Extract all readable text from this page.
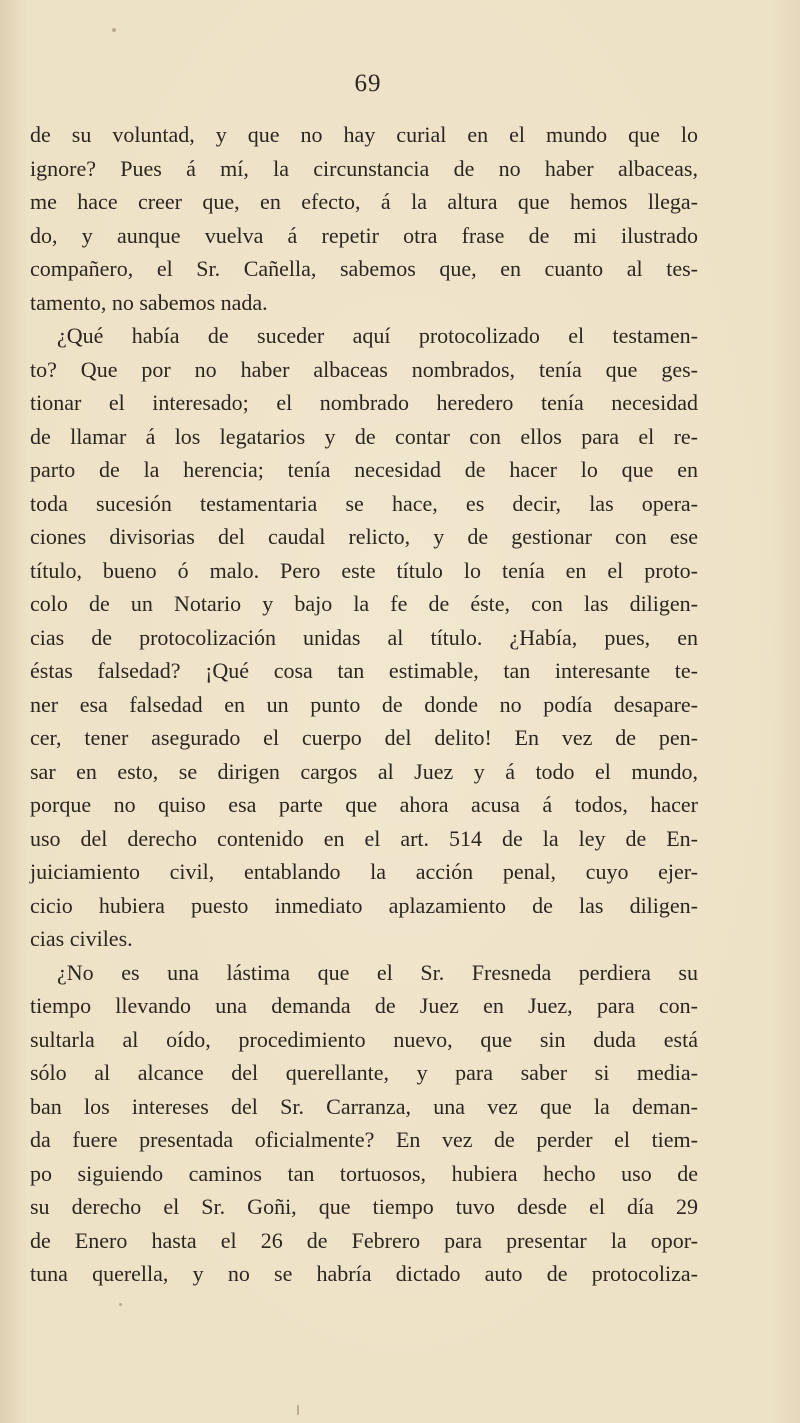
69

de su voluntad, y que no hay curial en el mundo que lo
ignore? Pues á mí, la circunstancia de no haber albaceas,
me hace creer que, en efecto, á la altura que hemos llega-
do, y aunque vuelva á repetir otra frase de mi ilustrado
compañero, el Sr. Cañella, sabemos que, en cuanto al tes-
tamento, no sabemos nada.

¿Qué había de suceder aquí protocolizado el testamen-
to? Que por no haber albaceas nombrados, tenía que ges-
tionar el interesado; el nombrado heredero tenía necesidad
de llamar á los legatarios y de contar con ellos para el re-
parto de la herencia; tenía necesidad de hacer lo que en
toda sucesión testamentaria se hace, es decir, las opera-
ciones divisorias del caudal relicto, y de gestionar con ese
título, bueno ó malo. Pero este título lo tenía en el proto-
colo de un Notario y bajo la fe de éste, con las diligen-
cias de protocolización unidas al título. ¿Había, pues, en
éstas falsedad? ¡Qué cosa tan estimable, tan interesante te-
ner esa falsedad en un punto de donde no podía desapare-
cer, tener asegurado el cuerpo del delito! En vez de pen-
sar en esto, se dirigen cargos al Juez y á todo el mundo,
porque no quiso esa parte que ahora acusa á todos, hacer
uso del derecho contenido en el art. 514 de la ley de En-
juiciamiento civil, entablando la acción penal, cuyo ejer-
cicio hubiera puesto inmediato aplazamiento de las diligen-
cias civiles.

¿No es una lástima que el Sr. Fresneda perdiera su
tiempo llevando una demanda de Juez en Juez, para con-
sultarla al oído, procedimiento nuevo, que sin duda está
sólo al alcance del querellante, y para saber si media-
ban los intereses del Sr. Carranza, una vez que la deman-
da fuere presentada oficialmente? En vez de perder el tiem-
po siguiendo caminos tan tortuosos, hubiera hecho uso de
su derecho el Sr. Goñi, que tiempo tuvo desde el día 29
de Enero hasta el 26 de Febrero para presentar la opor-
tuna querella, y no se habría dictado auto de protocoliza-
